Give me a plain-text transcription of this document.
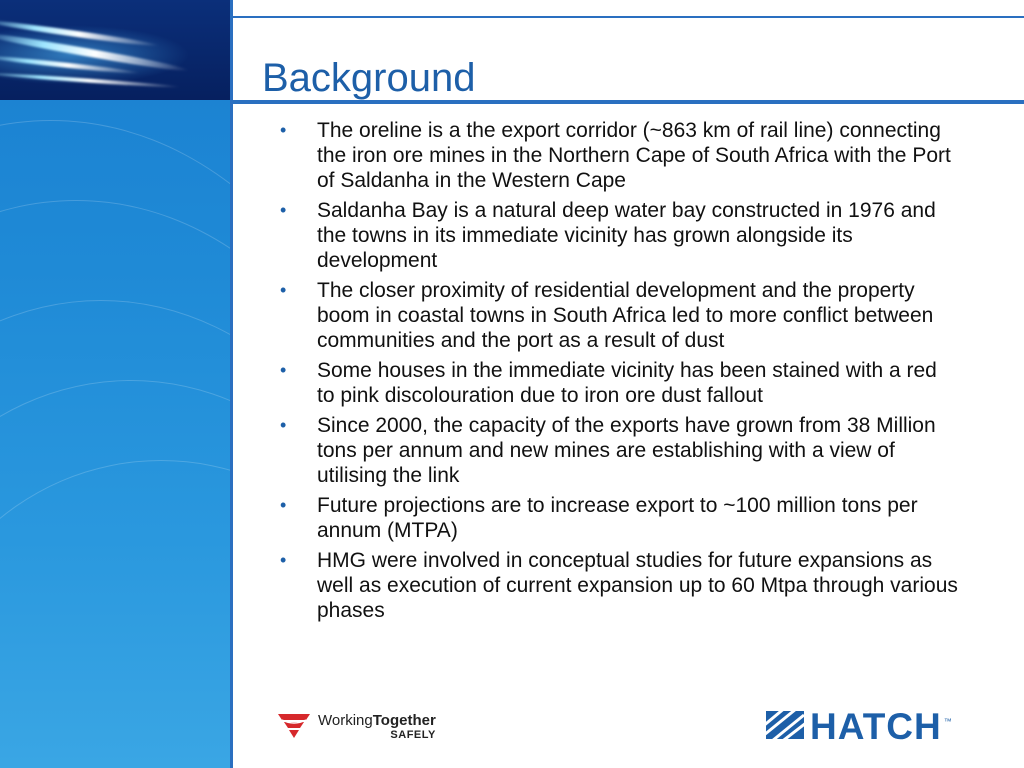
Background
• The oreline is a the export corridor (~863 km of rail line) connecting the iron ore mines in the Northern Cape of South Africa with the Port of Saldanha in the Western Cape
• Saldanha Bay is a natural deep water bay constructed in 1976 and the towns in its immediate vicinity has grown alongside its development
• The closer proximity of residential development and the property boom in coastal towns in South Africa led to more conflict between communities and the port as a result of dust
• Some houses in the immediate vicinity has been stained with a red to pink discolouration due to iron ore dust fallout
• Since 2000, the capacity of the exports have grown from 38 Million tons per annum and new mines are establishing with a view of utilising the link
• Future projections are to increase export to ~100 million tons per annum (MTPA)
• HMG were involved in conceptual studies for future expansions as well as execution of current expansion up to 60 Mtpa through various phases
WorkingTogether
SAFELY	HATCH ™
